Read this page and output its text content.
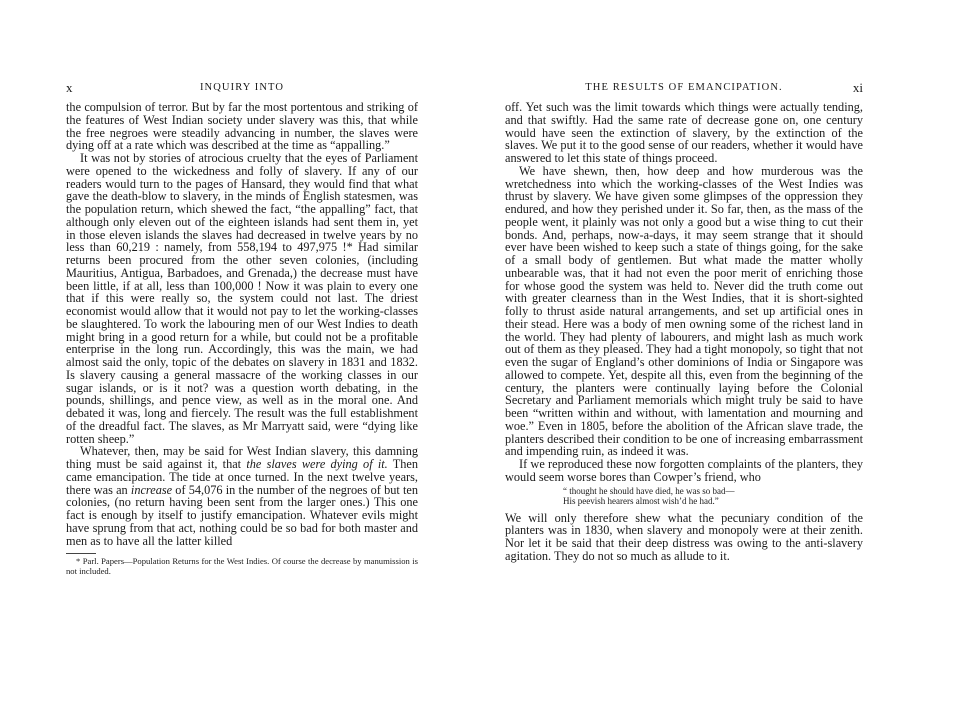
x	INQUIRY INTO

the compulsion of terror. But by far the most portentous and striking of the features of West Indian society under slavery was this, that while the free negroes were steadily advancing in number, the slaves were dying off at a rate which was described at the time as “appalling.”

It was not by stories of atrocious cruelty that the eyes of Parliament were opened to the wickedness and folly of slavery. If any of our readers would turn to the pages of Hansard, they would find that what gave the death-blow to slavery, in the minds of English statesmen, was the population return, which shewed the fact, “the appalling” fact, that although only eleven out of the eighteen islands had sent them in, yet in those eleven islands the slaves had decreased in twelve years by no less than 60,219 : namely, from 558,194 to 497,975 !* Had similar returns been procured from the other seven colonies, (including Mauritius, Antigua, Barbadoes, and Grenada,) the decrease must have been little, if at all, less than 100,000 ! Now it was plain to every one that if this were really so, the system could not last. The driest economist would allow that it would not pay to let the working-classes be slaughtered. To work the labouring men of our West Indies to death might bring in a good return for a while, but could not be a profitable enterprise in the long run. Accordingly, this was the main, we had almost said the only, topic of the debates on slavery in 1831 and 1832. Is slavery causing a general massacre of the working classes in our sugar islands, or is it not? was a question worth debating, in the pounds, shillings, and pence view, as well as in the moral one. And debated it was, long and fiercely. The result was the full establishment of the dreadful fact. The slaves, as Mr Marryatt said, were “dying like rotten sheep.”

Whatever, then, may be said for West Indian slavery, this damning thing must be said against it, that the slaves were dying of it. Then came emancipation. The tide at once turned. In the next twelve years, there was an increase of 54,076 in the number of the negroes of but ten colonies, (no return having been sent from the larger ones.) This one fact is enough by itself to justify emancipation. Whatever evils might have sprung from that act, nothing could be so bad for both master and men as to have all the latter killed

* Parl. Papers—Population Returns for the West Indies. Of course the decrease by manumission is not included.
THE RESULTS OF EMANCIPATION.	xi

off. Yet such was the limit towards which things were actually tending, and that swiftly. Had the same rate of decrease gone on, one century would have seen the extinction of slavery, by the extinction of the slaves. We put it to the good sense of our readers, whether it would have answered to let this state of things proceed.

We have shewn, then, how deep and how murderous was the wretchedness into which the working-classes of the West Indies was thrust by slavery. We have given some glimpses of the oppression they endured, and how they perished under it. So far, then, as the mass of the people went, it plainly was not only a good but a wise thing to cut their bonds. And, perhaps, now-a-days, it may seem strange that it should ever have been wished to keep such a state of things going, for the sake of a small body of gentlemen. But what made the matter wholly unbearable was, that it had not even the poor merit of enriching those for whose good the system was held to. Never did the truth come out with greater clearness than in the West Indies, that it is short-sighted folly to thrust aside natural arrangements, and set up artificial ones in their stead. Here was a body of men owning some of the richest land in the world. They had plenty of labourers, and might lash as much work out of them as they pleased. They had a tight monopoly, so tight that not even the sugar of England’s other dominions of India or Singapore was allowed to compete. Yet, despite all this, even from the beginning of the century, the planters were continually laying before the Colonial Secretary and Parliament memorials which might truly be said to have been “written within and without, with lamentation and mourning and woe.” Even in 1805, before the abolition of the African slave trade, the planters described their condition to be one of increasing embarrassment and impending ruin, as indeed it was.

If we reproduced these now forgotten complaints of the planters, they would seem worse bores than Cowper’s friend, who

“ thought he should have died, he was so bad—
His peevish hearers almost wish’d he had.”

We will only therefore shew what the pecuniary condition of the planters was in 1830, when slavery and monopoly were at their zenith. Nor let it be said that their deep distress was owing to the anti-slavery agitation. They do not so much as allude to it.
